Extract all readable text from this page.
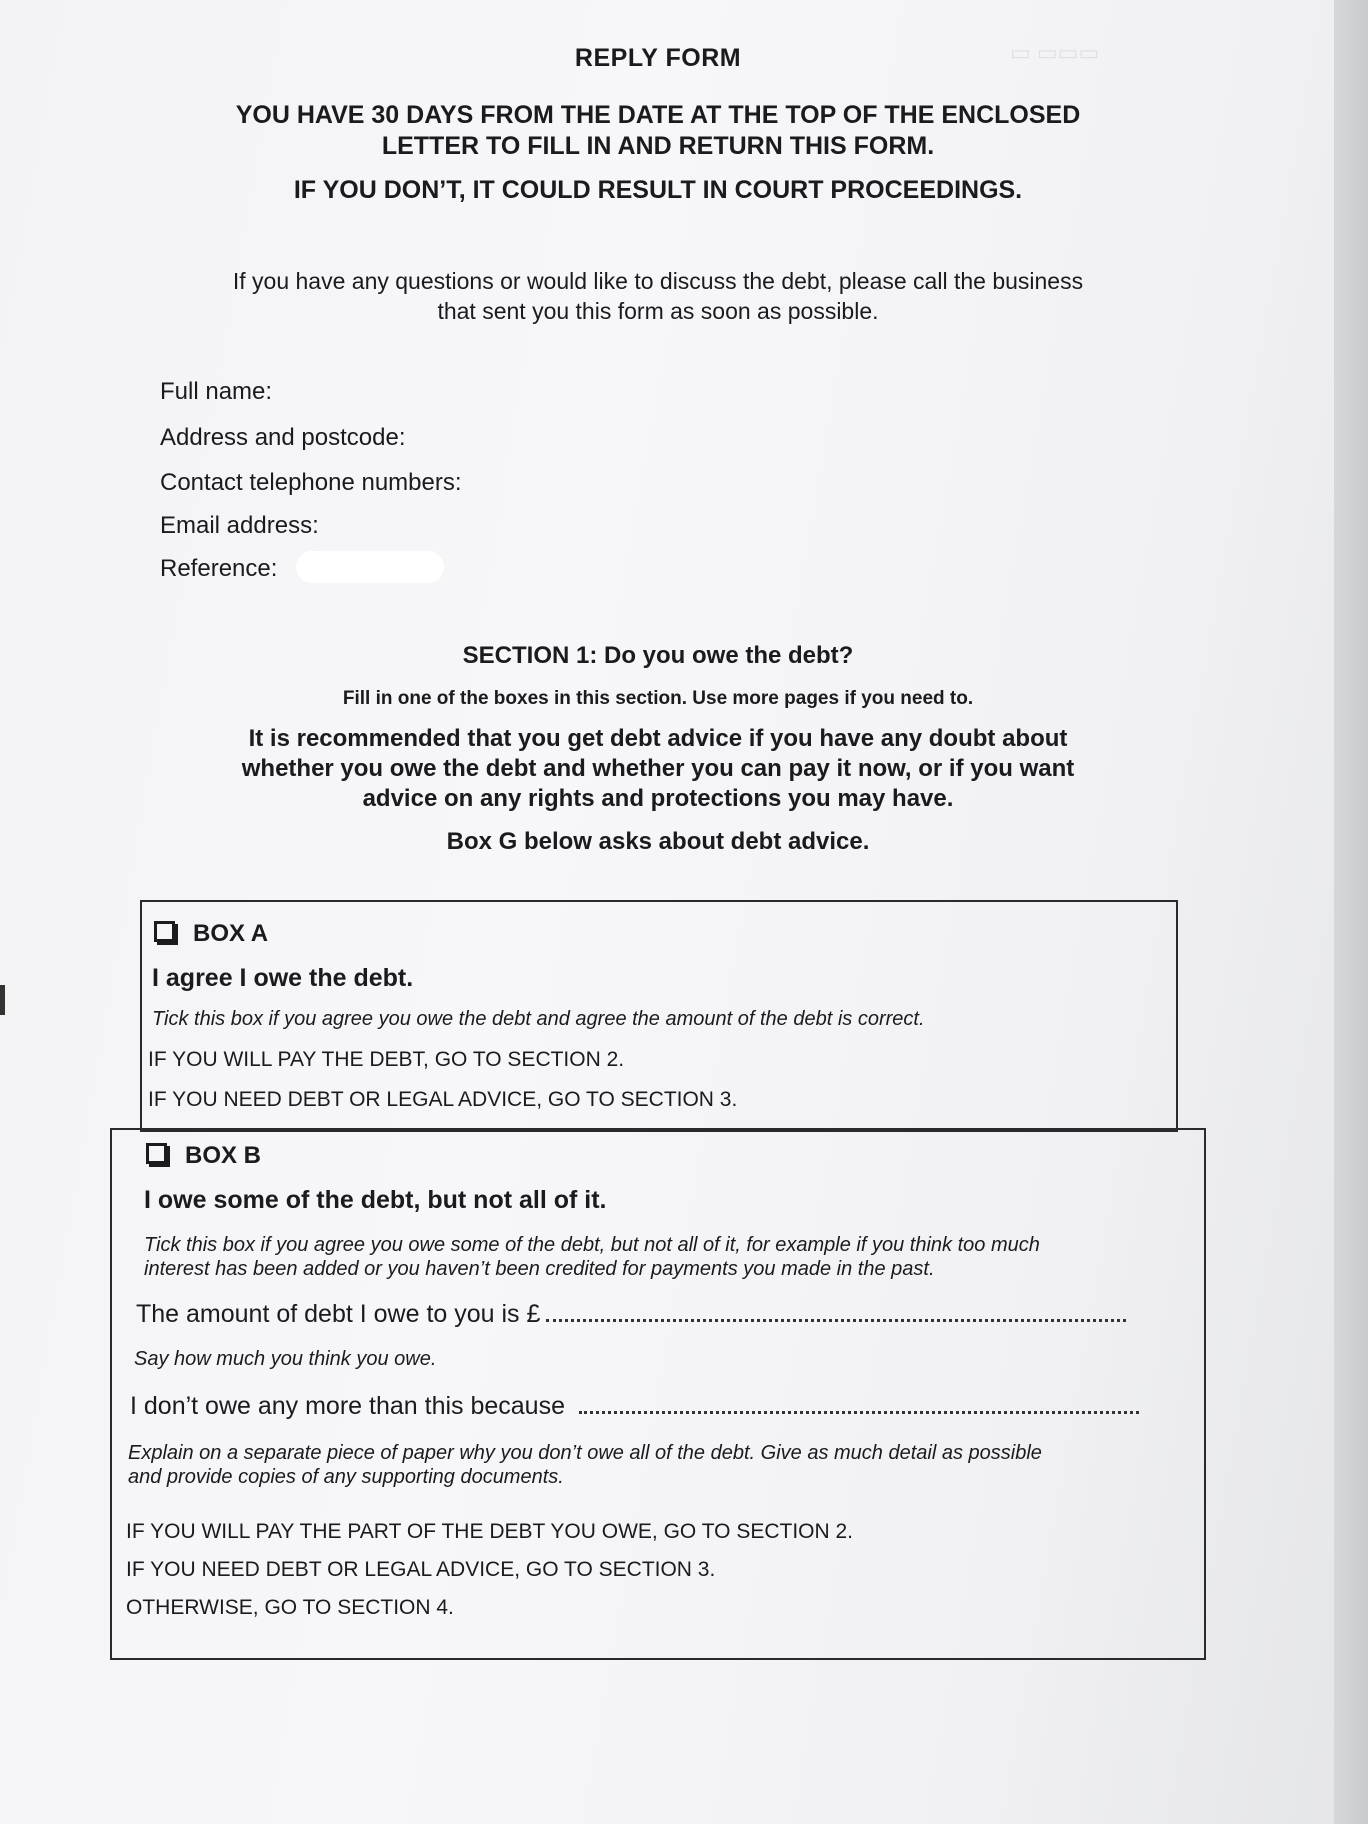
▭ ▭▭▭
REPLY FORM
YOU HAVE 30 DAYS FROM THE DATE AT THE TOP OF THE ENCLOSED
LETTER TO FILL IN AND RETURN THIS FORM.
IF YOU DON’T, IT COULD RESULT IN COURT PROCEEDINGS.
If you have any questions or would like to discuss the debt, please call the business
that sent you this form as soon as possible.
Full name:
Address and postcode:
Contact telephone numbers:
Email address:
Reference:
SECTION 1: Do you owe the debt?
Fill in one of the boxes in this section. Use more pages if you need to.
It is recommended that you get debt advice if you have any doubt about
whether you owe the debt and whether you can pay it now, or if you want
advice on any rights and protections you may have.
Box G below asks about debt advice.
BOX A
I agree I owe the debt.
Tick this box if you agree you owe the debt and agree the amount of the debt is correct.
IF YOU WILL PAY THE DEBT, GO TO SECTION 2.
IF YOU NEED DEBT OR LEGAL ADVICE, GO TO SECTION 3.
BOX B
I owe some of the debt, but not all of it.
Tick this box if you agree you owe some of the debt, but not all of it, for example if you think too much
interest has been added or you haven’t been credited for payments you made in the past.
The amount of debt I owe to you is £
Say how much you think you owe.
I don’t owe any more than this because
Explain on a separate piece of paper why you don’t owe all of the debt. Give as much detail as possible
and provide copies of any supporting documents.
IF YOU WILL PAY THE PART OF THE DEBT YOU OWE, GO TO SECTION 2.
IF YOU NEED DEBT OR LEGAL ADVICE, GO TO SECTION 3.
OTHERWISE, GO TO SECTION 4.
